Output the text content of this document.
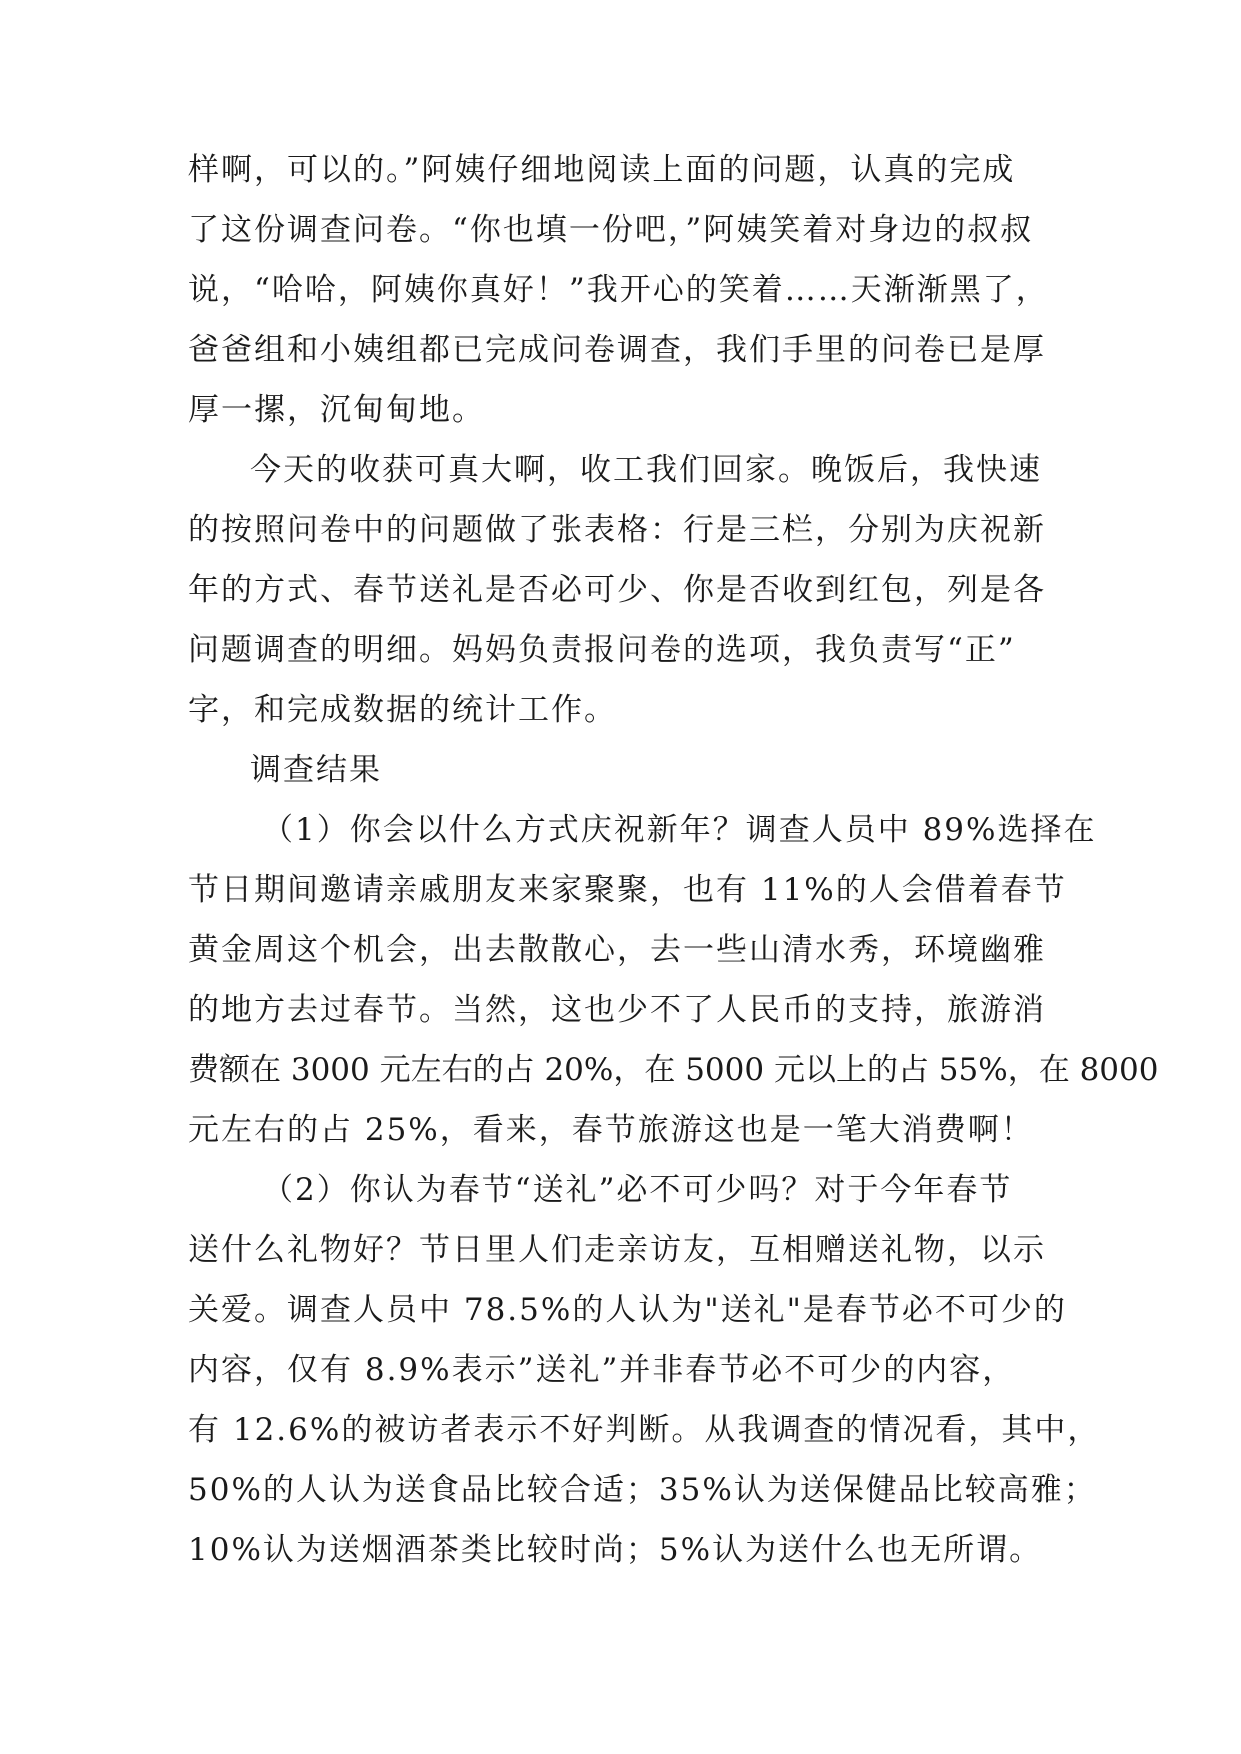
样啊，可以的。”阿姨仔细地阅读上面的问题，认真的完成
了这份调查问卷。“你也填一份吧，”阿姨笑着对身边的叔叔
说，“哈哈，阿姨你真好！”我开心的笑着……天渐渐黑了，
爸爸组和小姨组都已完成问卷调查，我们手里的问卷已是厚
厚一摞，沉甸甸地。
今天的收获可真大啊，收工我们回家。晚饭后，我快速
的按照问卷中的问题做了张表格：行是三栏，分别为庆祝新
年的方式、春节送礼是否必可少、你是否收到红包，列是各
问题调查的明细。妈妈负责报问卷的选项，我负责写“正”
字，和完成数据的统计工作。
调查结果
（1）你会以什么方式庆祝新年？调查人员中 89%选择在
节日期间邀请亲戚朋友来家聚聚，也有 11%的人会借着春节
黄金周这个机会，出去散散心，去一些山清水秀，环境幽雅
的地方去过春节。当然，这也少不了人民币的支持，旅游消
费额在 3000 元左右的占 20%，在 5000 元以上的占 55%，在 8000
元左右的占 25%，看来，春节旅游这也是一笔大消费啊！
（2）你认为春节“送礼”必不可少吗？对于今年春节
送什么礼物好？节日里人们走亲访友，互相赠送礼物，以示
关爱。调查人员中 78.5%的人认为"送礼"是春节必不可少的
内容，仅有 8.9%表示”送礼”并非春节必不可少的内容，
有 12.6%的被访者表示不好判断。从我调查的情况看，其中，
50%的人认为送食品比较合适；35%认为送保健品比较高雅；
10%认为送烟酒茶类比较时尚；5%认为送什么也无所谓。
